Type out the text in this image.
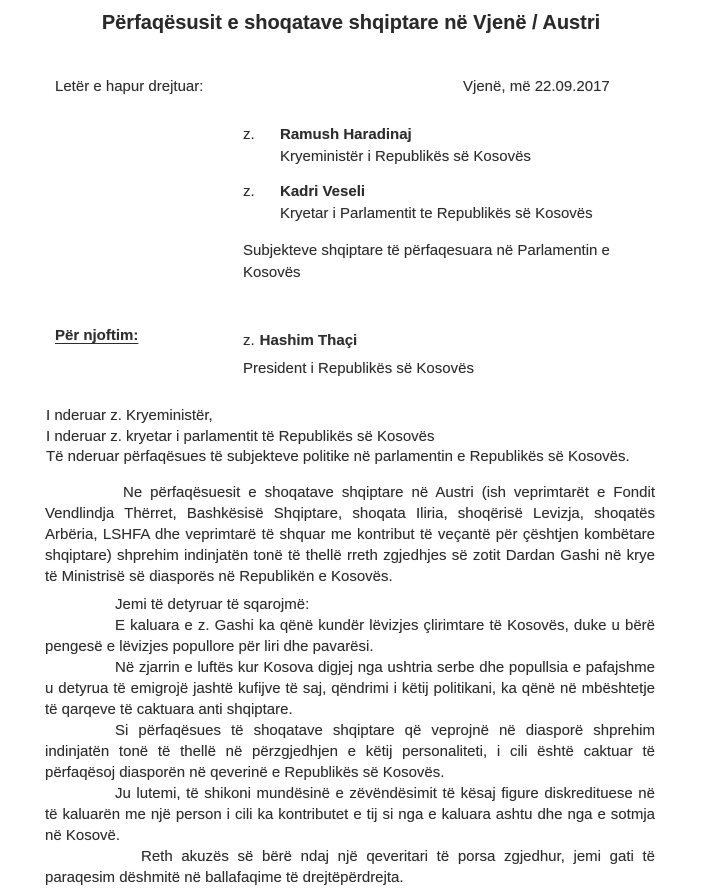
Përfaqësusit e shoqatave shqiptare në Vjenë / Austri
Letër e hapur drejtuar:	Vjenë, më 22.09.2017
z. Ramush Haradinaj
Kryeministër i Republikës së Kosovës
z. Kadri Veseli
Kryetar i Parlamentit te Republikës së Kosovës
Subjekteve shqiptare të përfaqesuara në Parlamentin e
Kosovës
Për njoftim:	z. Hashim Thaçi
President i Republikës së Kosovës
I nderuar z. Kryeministër,
I nderuar z. kryetar i parlamentit të Republikës së Kosovës
Të nderuar përfaqësues të subjekteve politike në parlamentin e Republikës së Kosovës.

Ne përfaqësuesit e shoqatave shqiptare në Austri (ish veprimtarët e Fondit Vendlindja Thërret, Bashkësisë Shqiptare, shoqata Iliria, shoqërisë Levizja, shoqatës Arbëria, LSHFA dhe veprimtarë të shquar me kontribut të veçantë për çështjen kombëtare shqiptare) shprehim indinjatën tonë të thellë rreth zgjedhjes së zotit Dardan Gashi në krye të Ministrisë së diasporës në Republikën e Kosovës.

Jemi të detyruar të sqarojmë:

E kaluara e z. Gashi ka qënë kundër lëvizjes çlirimtare të Kosovës, duke u bërë pengesë e lëvizjes popullore për liri dhe pavarësi.

Në zjarrin e luftës kur Kosova digjej nga ushtria serbe dhe popullsia e pafajshme u detyrua të emigrojë jashtë kufijve të saj, qëndrimi i këtij politikani, ka qënë në mbështetje të qarqeve të caktuara anti shqiptare.

Si përfaqësues të shoqatave shqiptare që veprojnë në diasporë shprehim indinjatën tonë të thellë në përzgjedhjen e këtij personaliteti, i cili është caktuar të përfaqësoj diasporën në qeverinë e Republikës së Kosovës.

Ju lutemi, të shikoni mundësinë e zëvëndësimit të kësaj figure diskredituese në të kaluarën me një person i cili ka kontributet e tij si nga e kaluara ashtu dhe nga e sotmja në Kosovë.

Reth akuzës së bërë ndaj një qeveritari të porsa zgjedhur, jemi gati të paraqesim dëshmitë në ballafaqime të drejtëpërdrejta.
